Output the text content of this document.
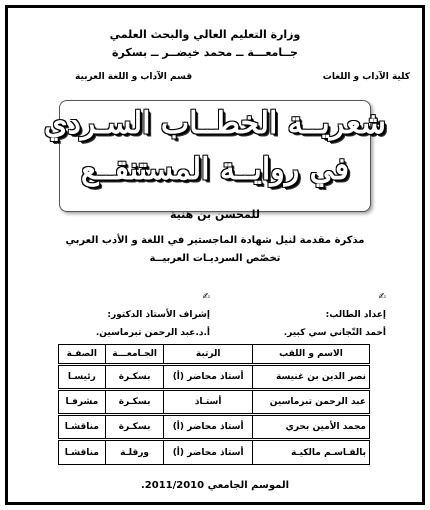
وزارة التعليم العالي والبحث العلمي
جــامعـــة ــ محمد خيضــر ــ بسكرة
كلية الآداب و اللغات
قسم الآداب و اللغة العربية
شعريــة الخطــاب السـردي
في روايــة المستنقــع
للمحسن بن هنية
مذكرة مقدمة لنيل شهادة الماجستير في اللغة و الأدب العربي
تخصّص السرديـات العربيــة
✍
إعداد الطالب:
أحمد التّجاني سي كبير.
✍
إشراف الأستاذ الدكتور:
أ.د.عبد الرحمن تبرماسين.
الاسم و اللقب	الرتبة	الجـامعـــة	الصفـة
نصر الدين بن غنيسة	أستاذ محاضر (أ)	بسكـرة	رئيسـا
عبد الرحمن تبرماسين	أستـاذ	بسكـرة	مشرفـا
محمد الأمين بحري	أستاذ محاضر (أ)	بسكـرة	مناقشـا
بالقـاسـم مالكيـة	أستاذ محاضر (أ)	ورقلـة	مناقشـا
الموسم الجامعي 2011/2010.
